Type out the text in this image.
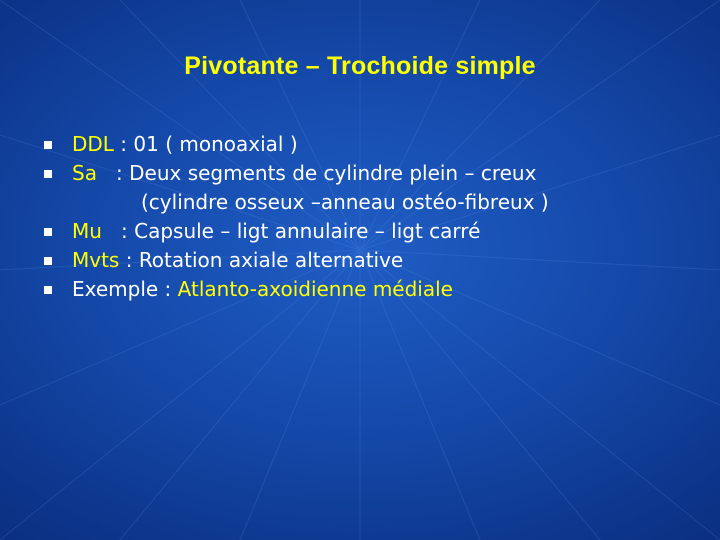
Pivotante – Trochoide simple
DDL : 01 ( monoaxial )
Sa   : Deux segments de cylindre plein – creux
(cylindre osseux –anneau ostéo-fibreux )
Mu   : Capsule – ligt annulaire – ligt carré
Mvts : Rotation axiale alternative
Exemple : Atlanto-axoidienne médiale
